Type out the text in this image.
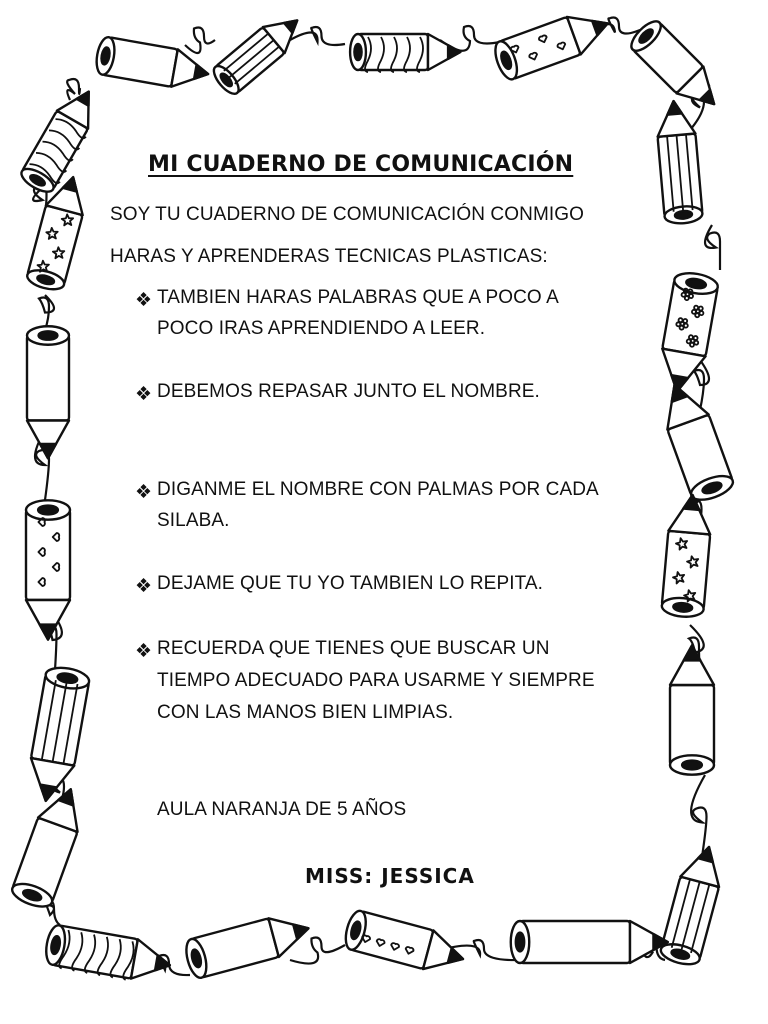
MI CUADERNO DE COMUNICACIÓN
SOY TU CUADERNO DE COMUNICACIÓN CONMIGO
HARAS Y APRENDERAS TECNICAS PLASTICAS:
❖ TAMBIEN HARAS PALABRAS QUE A POCO A
POCO IRAS APRENDIENDO A LEER.
❖ DEBEMOS REPASAR JUNTO EL NOMBRE.
❖ DIGANME EL NOMBRE CON PALMAS POR CADA
SILABA.
❖ DEJAME QUE TU YO TAMBIEN LO REPITA.
❖ RECUERDA QUE TIENES QUE BUSCAR UN
TIEMPO ADECUADO PARA USARME Y SIEMPRE
CON LAS MANOS BIEN LIMPIAS.
AULA NARANJA DE 5 AÑOS
MISS: JESSICA
